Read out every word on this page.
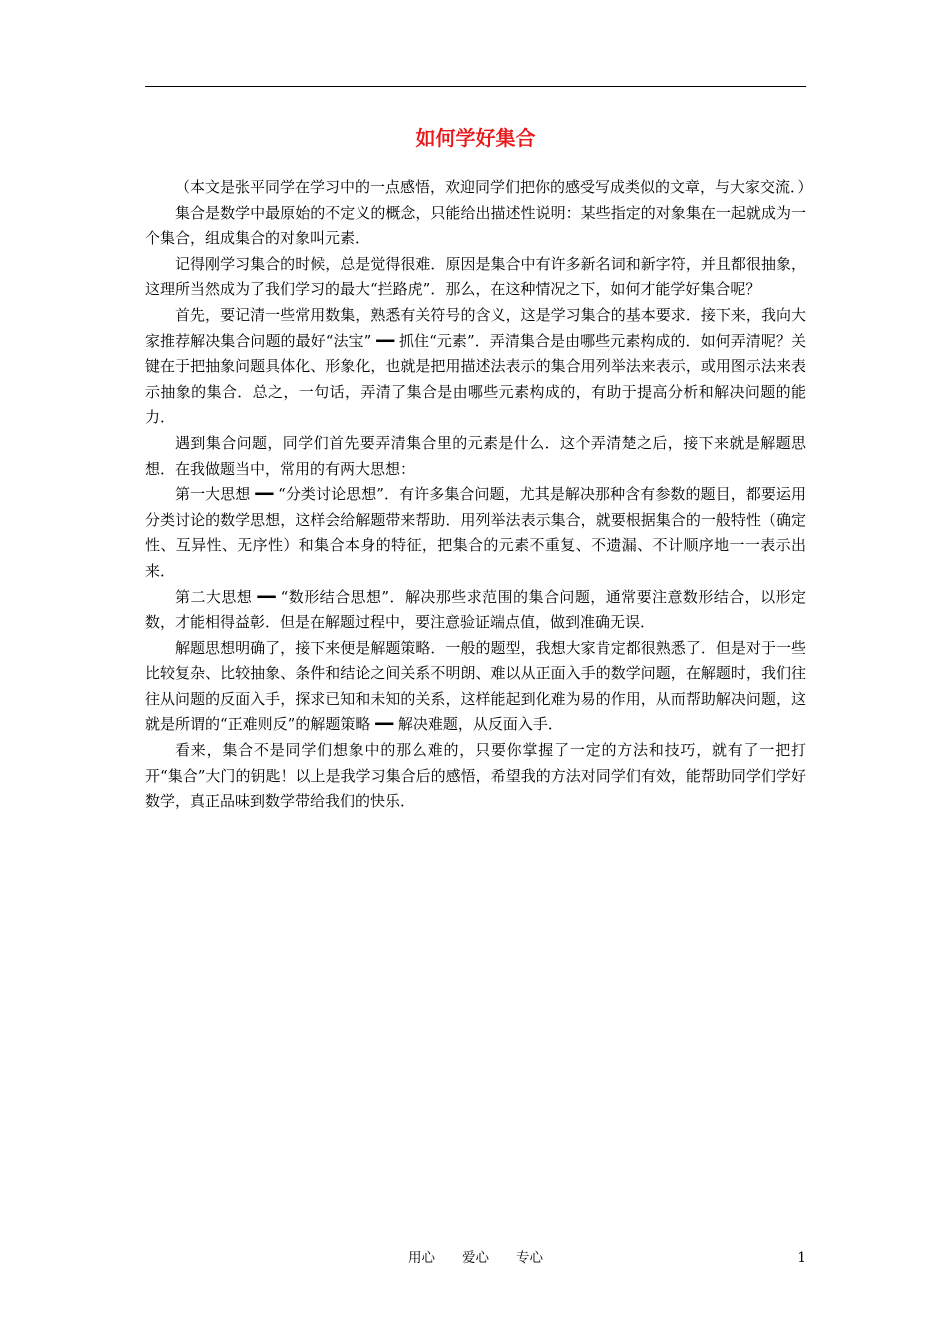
如何学好集合

（本文是张平同学在学习中的一点感悟，欢迎同学们把你的感受写成类似的文章，与大家交流．）

集合是数学中最原始的不定义的概念，只能给出描述性说明：某些指定的对象集在一起就成为一个集合，组成集合的对象叫元素．

记得刚学习集合的时候，总是觉得很难．原因是集合中有许多新名词和新字符，并且都很抽象，这理所当然成为了我们学习的最大“拦路虎”．那么，在这种情况之下，如何才能学好集合呢？

首先，要记清一些常用数集，熟悉有关符号的含义，这是学习集合的基本要求．接下来，我向大家推荐解决集合问题的最好“法宝” ━━ 抓住“元素”．弄清集合是由哪些元素构成的．如何弄清呢？关键在于把抽象问题具体化、形象化，也就是把用描述法表示的集合用列举法来表示，或用图示法来表示抽象的集合．总之，一句话，弄清了集合是由哪些元素构成的，有助于提高分析和解决问题的能力．

遇到集合问题，同学们首先要弄清集合里的元素是什么．这个弄清楚之后，接下来就是解题思想．在我做题当中，常用的有两大思想：

第一大思想 ━━ “分类讨论思想”．有许多集合问题，尤其是解决那种含有参数的题目，都要运用分类讨论的数学思想，这样会给解题带来帮助．用列举法表示集合，就要根据集合的一般特性（确定性、互异性、无序性）和集合本身的特征，把集合的元素不重复、不遗漏、不计顺序地一一表示出来．

第二大思想 ━━ “数形结合思想”．解决那些求范围的集合问题，通常要注意数形结合，以形定数，才能相得益彰．但是在解题过程中，要注意验证端点值，做到准确无误．

解题思想明确了，接下来便是解题策略．一般的题型，我想大家肯定都很熟悉了．但是对于一些比较复杂、比较抽象、条件和结论之间关系不明朗、难以从正面入手的数学问题，在解题时，我们往往从问题的反面入手，探求已知和未知的关系，这样能起到化难为易的作用，从而帮助解决问题，这就是所谓的“正难则反”的解题策略 ━━ 解决难题，从反面入手．

看来，集合不是同学们想象中的那么难的，只要你掌握了一定的方法和技巧，就有了一把打开“集合”大门的钥匙！以上是我学习集合后的感悟，希望我的方法对同学们有效，能帮助同学们学好数学，真正品味到数学带给我们的快乐．

用心　　爱心　　专心	1
